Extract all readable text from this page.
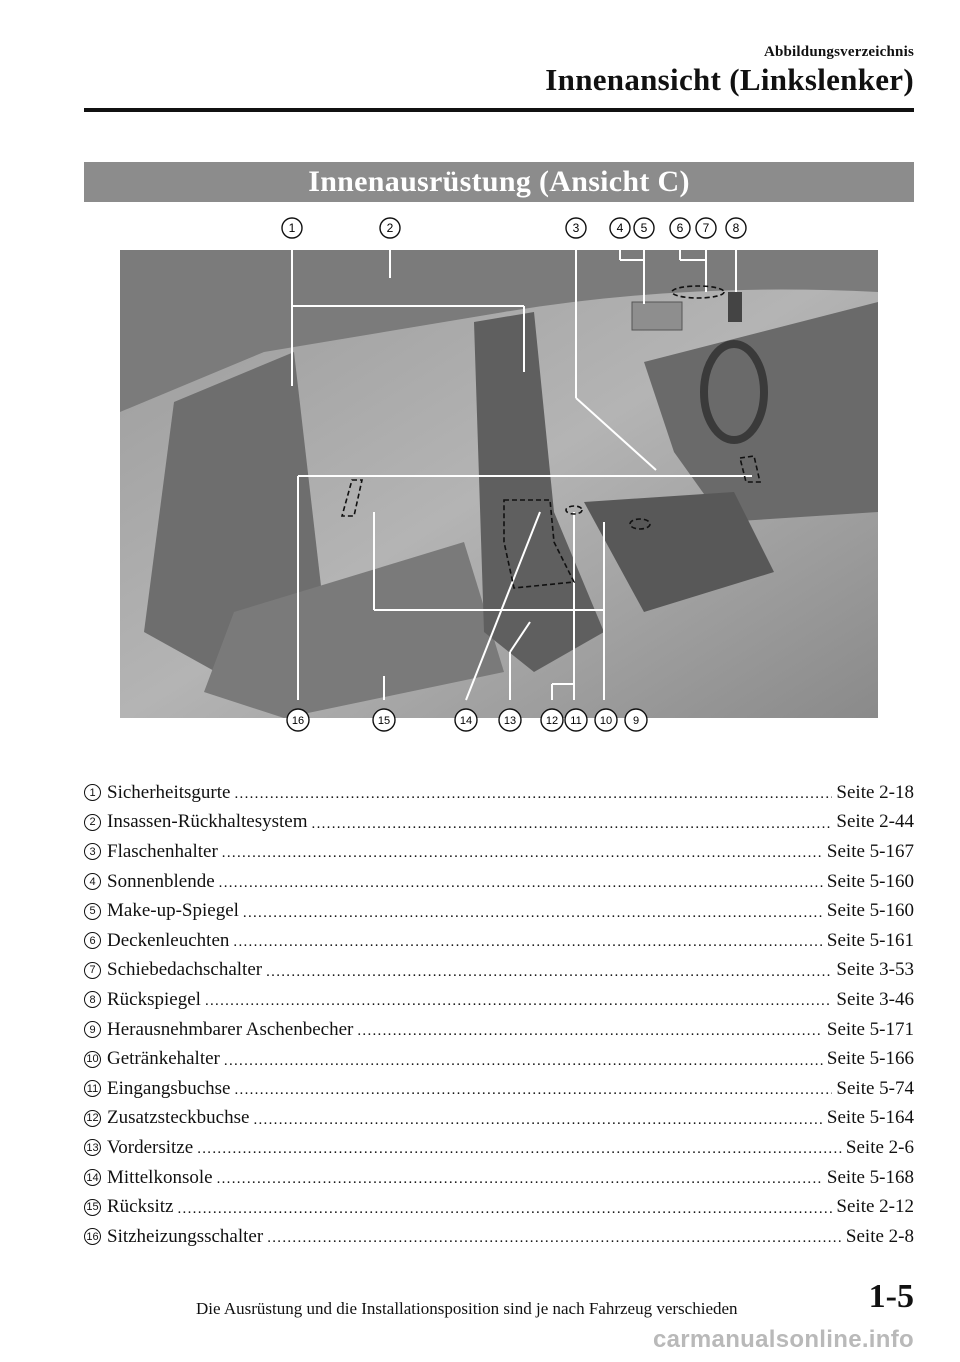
Abbildungsverzeichnis
Innenansicht (Linkslenker)
Innenausrüstung (Ansicht C)
1	2	3	4 5 6 7 8
16	15	14	13	12 11 10 9
1 Sicherheitsgurte .....	Seite 2-18
2 Insassen-Rückhaltesystem .....	Seite 2-44
3 Flaschenhalter .....	Seite 5-167
4 Sonnenblende .....	Seite 5-160
5 Make-up-Spiegel .....	Seite 5-160
6 Deckenleuchten .....	Seite 5-161
7 Schiebedachschalter .....	Seite 3-53
8 Rückspiegel .....	Seite 3-46
9 Herausnehmbarer Aschenbecher .....	Seite 5-171
10 Getränkehalter .....	Seite 5-166
11 Eingangsbuchse .....	Seite 5-74
12 Zusatzsteckbuchse .....	Seite 5-164
13 Vordersitze .....	Seite 2-6
14 Mittelkonsole .....	Seite 5-168
15 Rücksitz .....	Seite 2-12
16 Sitzheizungsschalter .....	Seite 2-8
Die Ausrüstung und die Installationsposition sind je nach Fahrzeug verschieden	1-5
carmanualsonline.info
